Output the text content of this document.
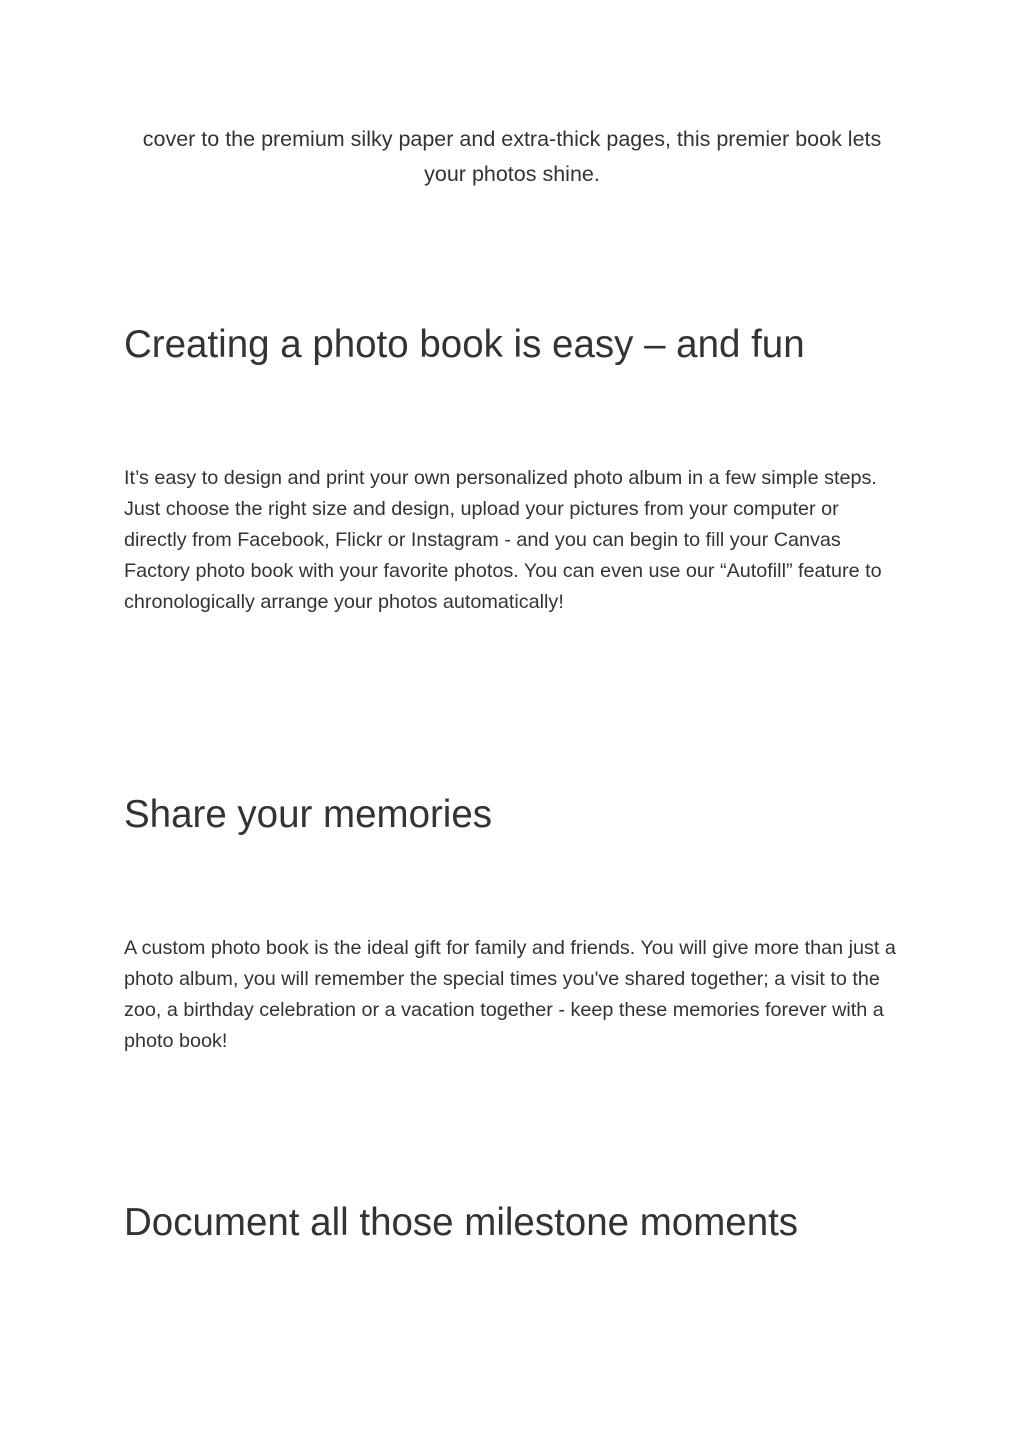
cover to the premium silky paper and extra-thick pages, this premier book lets your photos shine.

Creating a photo book is easy – and fun

It’s easy to design and print your own personalized photo album in a few simple steps. Just choose the right size and design, upload your pictures from your computer or directly from Facebook, Flickr or Instagram - and you can begin to fill your Canvas Factory photo book with your favorite photos. You can even use our “Autofill” feature to chronologically arrange your photos automatically!

Share your memories

A custom photo book is the ideal gift for family and friends. You will give more than just a photo album, you will remember the special times you've shared together; a visit to the zoo, a birthday celebration or a vacation together - keep these memories forever with a photo book!

Document all those milestone moments
